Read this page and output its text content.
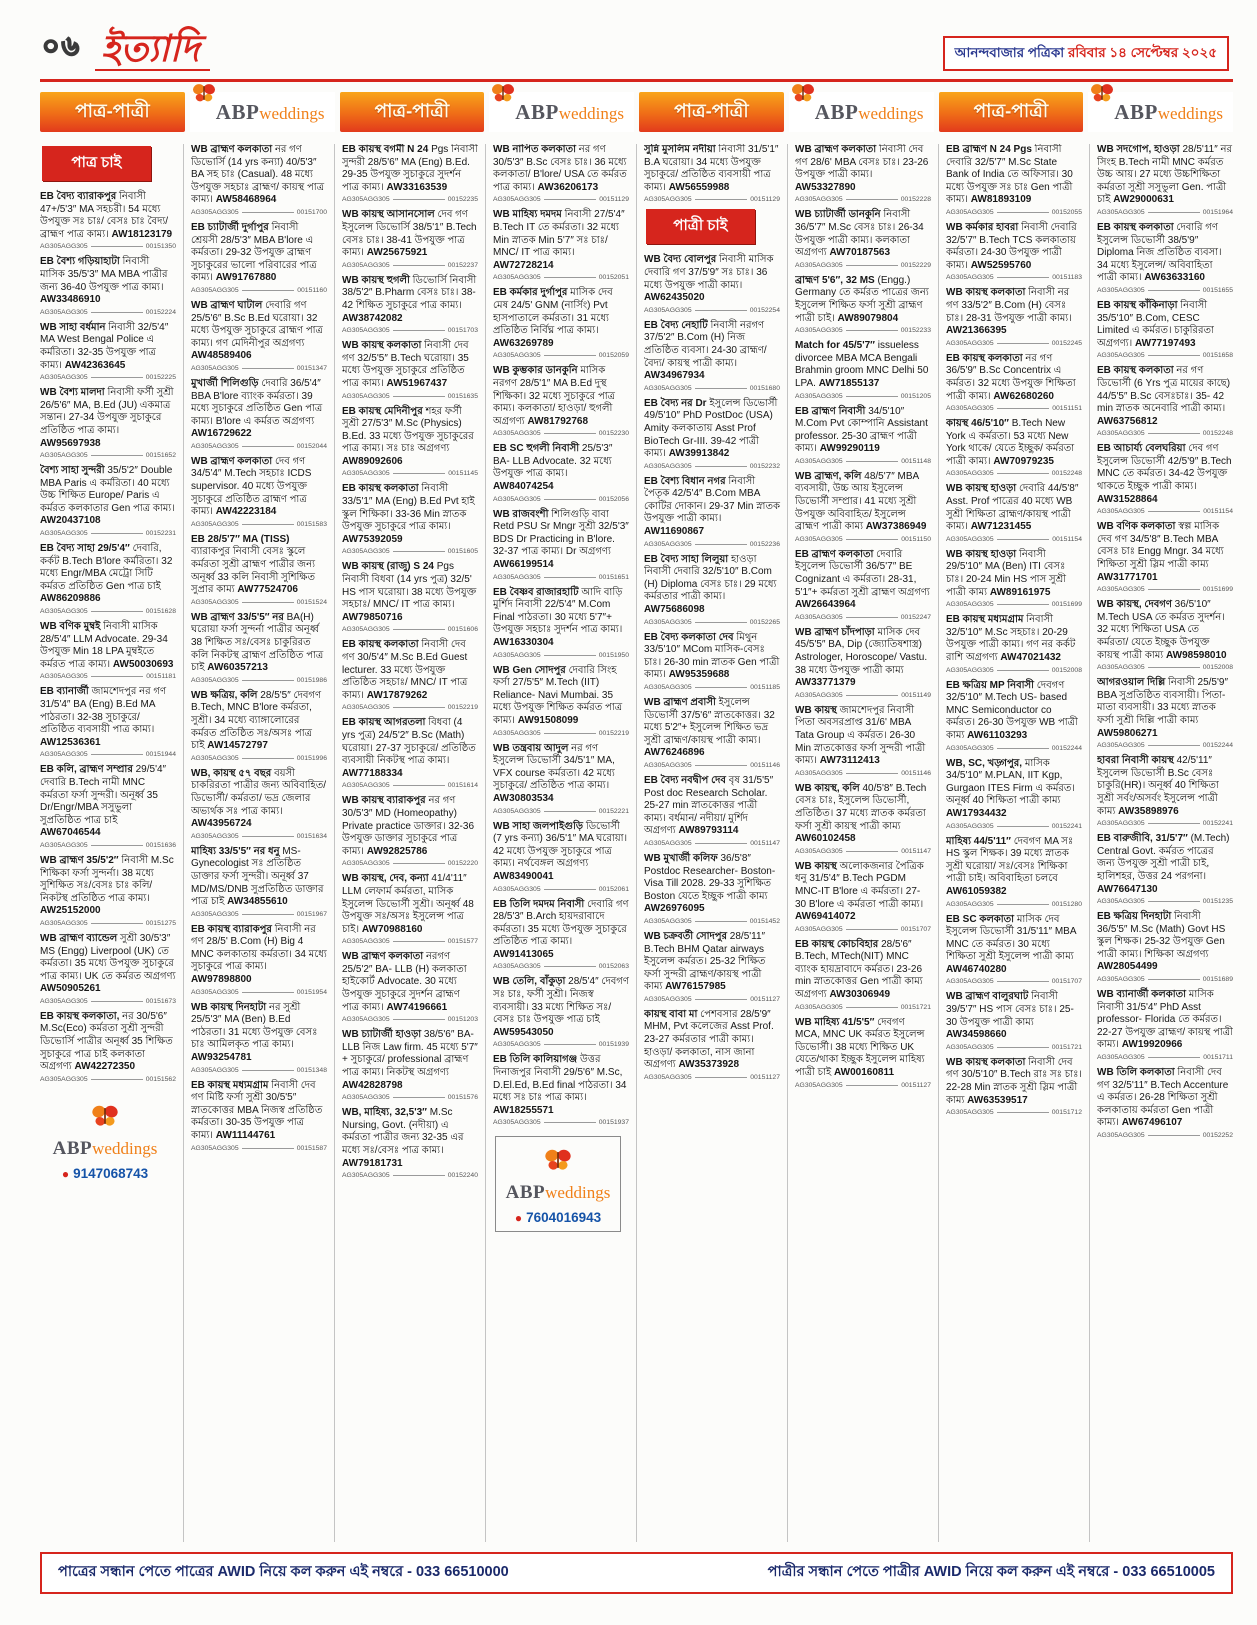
০৬ ইত্যাদি	আনন্দবাজার পত্রিকা রবিবার ১৪ সেপ্টেম্বর ২০২৫
পাত্র-পাত্রী	ABPweddings	পাত্র-পাত্রী	ABPweddings	পাত্র-পাত্রী	ABPweddings	পাত্র-পাত্রী	ABPweddings
পাত্র চাই

EB বৈদ্য ব্যারাকপুর নিবাসী 47+/5'3″ MA সহচরী। 54 মধ্যে উপযুক্ত সঃ চাঃ/ বেসঃ চাঃ বৈদ্য/ ব্রাহ্মণ পাত্র কাম্য। AW18123179

AG305AGG305	00151350

EB বৈশ্য গড়িয়াহাটা নিবাসী মাসিক 35/5'3″ MA MBA পাত্রীর জন্য 36-40 উপযুক্ত পাত্র কাম্য। AW33486910

AG305AGG305	00152224

WB সাহা বর্ধমান নিবাসী 32/5'4″ MA West Bengal Police এ কর্মরিতা। 32-35 উপযুক্ত পাত্র কাম্য। AW42363645

AG305AGG305	00152225

WB বৈশ্য মালদা নিবাসী ফর্সী সুশ্রী 26/5'6″ MA, B.Ed (JU) একমাত্র সন্তান। 27-34 উপযুক্ত সুচাকুরে প্রতিষ্ঠিত পাত্র কাম্য। AW95697938

AG305AGG305	00151652

বৈশ্য সাহা সুন্দরী 35/5'2″ Double MBA Paris এ কর্মরিতা। 40 মধ্যে উচ্চ শিক্ষিত Europe/ Paris এ কর্মরত কলকাতার Gen পাত্র কাম্য। AW20437108

AG305AGG305	00152231

EB বৈদ্য সাহা 29/5'4″ দেবারি, কর্কট B.Tech B'lore কর্মরিতা। 32 মধ্যে Engr/MBA মেট্রো সিটি কর্মরত প্রতিষ্ঠিত Gen পাত্র চাই AW86209886

AG305AGG305	00151628

WB বণিক মুম্বই নিবাসী মাসিক 28/5'4″ LLM Advocate. 29-34 উপযুক্ত Min 18 LPA মুম্বইতে কর্মরত পাত্র কাম্য। AW50030693

AG305AGG305	00151181

EB ব্যানার্জী জামশেদপুর নর গণ 31/5'4″ BA (Eng) B.Ed MA পাঠরতা। 32-38 সুচাকুরে/ প্রতিষ্ঠিত ব্যবসায়ী পাত্র কাম্য। AW12536361

AG305AGG305	00151944

EB কলি, ব্রাহ্মণ সম্প্রার 29/5'4″ দেবারি B.Tech নামী MNC কর্মরতা ফর্সা সুন্দরী। অনূর্ধ্ব 35 Dr/Engr/MBA সসুভুলা সুপ্রতিষ্ঠিত পাত্র চাই AW67046544

AG305AGG305	00151636

WB ব্রাহ্মণ 35/5'2″ নিবাসী M.Sc শিক্ষিকা ফর্সা সুন্দর্না। 38 মধ্যে সুশিক্ষিত সঃ/বেসঃ চাঃ কলি/নিকটস্থ প্রতিষ্ঠিত পাত্র কাম্য। AW25152000

AG305AGG305	00151275

WB ব্রাহ্মণ ব্যান্ডেল সুশ্রী 30/5'3″ MS (Engg) Liverpool (UK) তে কর্মরতা। 35 মধ্যে উপযুক্ত সুচাকুরে পাত্র কাম্য। UK তে কর্মরত অগ্রগণ্য AW50905261

AG305AGG305	00151673

EB কায়স্থ কলকাতা, নর 30/5'6″ M.Sc(Eco) কর্মরতা সুশ্রী সুন্দরী ডিভোর্সি পাত্রীর অনূর্ধ্ব 35 শিক্ষিত সুচাকুরে পাত্র চাই কলকাতা অগ্রগণ্য AW42272350

AG305AGG305	00151562
ABPweddings
● 9147068743

WB ব্রাহ্মণ কলকাতা নর গণ ডিভোর্সি (14 yrs কন্যা) 40/5'3″ BA সহ চাঃ (Casual). 48 মধ্যে উপযুক্ত সহচাঃ ব্রাহ্মণ/ কায়স্থ পাত্র কাম্য। AW58468964

AG305AGG305	00151700

EB চ্যাটার্জী দুর্গাপুর নিবাসী শ্রেয়সী 28/5'3″ MBA B'lore এ কর্মরতা। 29-32 উপযুক্ত ব্রাহ্মণ সুচাকুরের ভালো পরিবারের পাত্র কাম্য। AW91767880

AG305AGG305	00151160

WB ব্রাহ্মণ ঘাটাল দেবারি গণ 25/5'6″ B.Sc B.Ed ঘরোয়া। 32 মধ্যে উপযুক্ত সুচাকুরে ব্রাহ্মণ পাত্র কাম্য। গণ মেদিনীপুর অগ্রগণ্য AW48589406

AG305AGG305	00151347

মুখার্জী শিলিগুড়ি দেবারি 36/5'4″ BBA B'lore ব্যাংক কর্মরতা। 39 মধ্যে সুচাকুরে প্রতিষ্ঠিত Gen পাত্র কাম্য। B'lore এ কর্মরত অগ্রগণ্য AW16729622

AG305AGG305	00152044

WB ব্রাহ্মণ কলকাতা দেব গণ 34/5'4″ M.Tech সহচাঃ ICDS supervisor. 40 মধ্যে উপযুক্ত সুচাকুরে প্রতিষ্ঠিত ব্রাহ্মণ পাত্র কাম্য। AW42223184

AG305AGG305	00151583

EB 28/5'7″ MA (TISS) ব্যারাকপুর নিবাসী বেসঃ স্কুলে কর্মরতা সুশ্রী ব্রাহ্মণ পাত্রীর জন্য অনূর্ধ্ব 33 কলি নিবাসী সুশিক্ষিত সুপ্রার কাম্য AW77524706

AG305AGG305	00151524

WB ব্রাহ্মণ 33/5'5″ নর BA(H) ঘরোয়া ফর্সা সুন্দর্না পাত্রীর অনূর্ধ্ব 38 শিক্ষিত সঃ/বেসঃ চাকুরিরত কলি নিকটস্থ ব্রাহ্মণ প্রতিষ্ঠিত পাত্র চাই AW60357213

AG305AGG305	00151986

WB ক্ষত্রিয়, কলি 28/5'5″ দেবগণ B.Tech, MNC B'lore কর্মরতা, সুশ্রী। 34 মধ্যে ব্যাঙ্গালোরের কর্মরত প্রতিষ্ঠিত সঃ/অসঃ পাত্র চাই AW14572797

AG305AGG305	00151996

WB, কায়স্থ ৫৭ বছর বয়সী চাকরিরতা পাত্রীর জন্য অবিবাহিত/ ডিভোর্সী/ কর্মরতা/ ভদ্র জেলার অভ্যর্থক সঃ পাত্র কাম্য। AW43956724

AG305AGG305	00151634

মাহিষ্য 33/5'5″ নর ধনু MS-Gynecologist সঃ প্রতিষ্ঠিত ডাক্তার ফর্সা সুন্দরী। অনূর্ধ্ব 37 MD/MS/DNB সুপ্রতিষ্ঠিত ডাক্তার পাত্র চাই AW34855610

AG305AGG305	00151967

EB কায়স্থ ব্যারাকপুর নিবাসী নর গণ 28/5' B.Com (H) Big 4 MNC কলকাতায় কর্মরতা। 34 মধ্যে সুচাকুরে পাত্র কাম্য। AW97898800

AG305AGG305	00151954

WB কায়স্থ দিনহাটা নর সুশ্রী 25/5'3″ MA (Ben) B.Ed পাঠরতা। 31 মধ্যে উপযুক্ত বেসঃ চাঃ আমিলকৃত পাত্র কাম্য। AW93254781

AG305AGG305	00151348

EB কায়স্থ মধ্যমগ্রাম নিবাসী দেব গণ মিষ্টি ফর্সা সুশ্রী 30/5'5″ স্নাতকোত্তর MBA নিজস্ব প্রতিষ্ঠিত কর্মরতা। 30-35 উপযুক্ত পাত্র কাম্য। AW11144761

AG305AGG305	00151587

EB কায়স্থ বগর্মী N 24 Pgs নিবাসী সুন্দরী 28/5'6″ MA (Eng) B.Ed. 29-35 উপযুক্ত সুচাকুরে সুদর্শন পাত্র কাম্য। AW33163539

AG305AGG305	00152235

WB কায়স্থ আসানসোল দেব গণ ইসুলেন্স ডিভোর্সি 38/5'1″ B.Tech বেসঃ চাঃ। 38-41 উপযুক্ত পাত্র কাম্য। AW25675921

AG305AGG305	00152237

WB কায়স্থ হুগলী ডিভোর্সি নিবাসী 38/5'2″ B.Pharm বেসঃ চাঃ। 38-42 শিক্ষিত সুচাকুরে পাত্র কাম্য। AW38742082

AG305AGG305	00151703

WB কায়স্থ কলকাতা নিবাসী দেব গণ 32/5'5″ B.Tech ঘরোয়া। 35 মধ্যে উপযুক্ত সুচাকুরে প্রতিষ্ঠিত পাত্র কাম্য। AW51967437

AG305AGG305	00151635

EB কায়স্থ মেদিনীপুর শহর ফর্সী সুশ্রী 27/5'3″ M.Sc (Physics) B.Ed. 33 মধ্যে উপযুক্ত সুচাকুরের পাত্র কাম্য। সঃ চাঃ অগ্রগণ্য AW89092606

AG305AGG305	00151145

EB কায়স্থ কলকাতা নিবাসী 33/5'1″ MA (Eng) B.Ed Pvt হাই স্কুল শিক্ষিকা। 33-36 Min স্নাতক উপযুক্ত সুচাকুরে পাত্র কাম্য। AW75392059

AG305AGG305	00151605

WB কায়স্থ (রাজু) S 24 Pgs নিবাসী বিধবা (14 yrs পুত্র) 32/5' HS পাস ঘরোয়া। 38 মধ্যে উপযুক্ত সহচাঃ/ MNC/ IT পাত্র কাম্য। AW79850716

AG305AGG305	00151606

EB কায়স্থ কলকাতা নিবাসী দেব গণ 30/5'4″ M.Sc B.Ed Guest lecturer. 33 মধ্যে উপযুক্ত প্রতিষ্ঠিত সহচাঃ/ MNC/ IT পাত্র কাম্য। AW17879262

AG305AGG305	00152219

EB কায়স্থ আগরতলা বিধবা (4 yrs পুত্র) 24/5'2″ B.Sc (Math) ঘরোয়া। 27-37 সুচাকুরে/ প্রতিষ্ঠিত ব্যবসায়ী নিকটস্থ পাত্র কাম্য। AW77188334

AG305AGG305	00151614

WB কায়স্থ ব্যারাকপুর নর গণ 30/5'3″ MD (Homeopathy) Private practice ডাক্তার। 32-36 উপযুক্ত ডাক্তার সুচাকুরে পাত্র কাম্য। AW92825786

AG305AGG305	00152220

WB কায়স্থ, দেব, কন্যা 41/4'11″ LLM লেফার্ম কর্মরতা, মাসিক ইসুলেন্স ডিভোর্সী সুশ্রী। অনূর্ধ্ব 48 উপযুক্ত সঃ/অসঃ ইসুলেন্স পাত্র চাই। AW70988160

AG305AGG305	00151577

WB ব্রাহ্মণ কলকাতা নরগণ 25/5'2″ BA- LLB (H) কলকাতা হাইকোর্ট Advocate. 30 মধ্যে উপযুক্ত সুচাকুরে সুদর্শন ব্রাহ্মণ পাত্র কাম্য। AW74196661

AG305AGG305	00151203

WB চ্যাটার্জী হাওড়া 38/5'6″ BA- LLB নিজ Law firm. 45 মধ্যে 5'7″+ সুচাকুরে/ professional ব্রাহ্মণ পাত্র কাম্য। নিকটস্থ অগ্রগণ্য AW42828798

AG305AGG305	00151576

WB, মাহিষ্য, 32,5'3″ M.Sc Nursing, Govt. (নদীয়া) এ কর্মরতা পাত্রীর জন্য 32-35 এর মধ্যে সঃ/বেসঃ পাত্র কাম্য। AW79181731

AG305AGG305	00152240

WB নাপিত কলকাতা নর গণ 30/5'3″ B.Sc বেসঃ চাঃ। 36 মধ্যে কলকাতা/ B'lore/ USA তে কর্মরত পাত্র কাম্য। AW36206173

AG305AGG305	00151129

WB মাহিষ্য দমদম নিবাসী 27/5'4″ B.Tech IT তে কর্মরতা। 32 মধ্যে Min স্নাতক Min 5'7″ সঃ চাঃ/ MNC/ IT পাত্র কাম্য। AW72728214

AG305AGG305	00152051

EB কর্মকার দুর্গাপুর মাসিক দেব মেষ 24/5' GNM (নার্সিং) Pvt হাসপাতালে কর্মরতা। 31 মধ্যে প্রতিষ্ঠিত নির্বিঘ্ন পাত্র কাম্য। AW63269789

AG305AGG305	00152059

WB কুম্ভকার ডানকুনি মাসিক নরগণ 28/5'1″ MA B.Ed দুস্থ শিক্ষিকা। 32 মধ্যে সুচাকুরে পাত্র কাম্য। কলকাতা/ হাওড়া/ হুগলী অগ্রগণ্য AW81792768

AG305AGG305	00152230

EB SC হুগলী নিবাসী 25/5'3″ BA- LLB Advocate. 32 মধ্যে উপযুক্ত পাত্র কাম্য। AW84074254

AG305AGG305	00152056

WB রাজবংশী শিলিগুড়ি বাবা Retd PSU Sr Mngr সুশ্রী 32/5'3″ BDS Dr Practicing in B'lore. 32-37 পাত্র কাম্য। Dr অগ্রগণ্য AW66199514

AG305AGG305	00151651

EB বৈষ্ণব রাজারহাটি আদি বাড়ি মুর্শিদ নিবাসী 22/5'4″ M.Com Final পাঠরতা। 30 মধ্যে 5'7″+ উপযুক্ত সহচাঃ সুদর্শন পাত্র কাম্য। AW16330304

AG305AGG305	00151950

WB Gen সোদপুর দেবারি সিংহ ফর্সা 27/5'5″ M.Tech (IIT) Reliance- Navi Mumbai. 35 মধ্যে উপযুক্ত শিক্ষিত কর্মরত পাত্র কাম্য। AW91508099

AG305AGG305	00152219

WB তন্ত্রবায় আদুল নর গণ ইসুলেন্স ডিভোর্সী 34/5'1″ MA, VFX course কর্মরতা। 42 মধ্যে সুচাকুরে/ প্রতিষ্ঠিত পাত্র কাম্য। AW30803534

AG305AGG305	00152221

WB সাহা জলপাইগুড়ি ডিভোর্সী (7 yrs কন্যা) 36/5'1″ MA ঘরোয়া। 42 মধ্যে উপযুক্ত সুচাকুরে পাত্র কাম্য। নর্থবেঙ্গল অগ্রগণ্য AW83490041

AG305AGG305	00152061

EB তিলি দমদম নিবাসী দেবারি গণ 28/5'3″ B.Arch হায়দরাবাদে কর্মরতা। 35 মধ্যে উপযুক্ত সুচাকুরে প্রতিষ্ঠিত পাত্র কাম্য। AW91413065

AG305AGG305	00152063

WB তেলি, বাঁকুড়া 28/5'4″ দেবগণ সঃ চাঃ, ফর্সী সুশ্রী। নিজস্ব ব্যবসায়ী। 33 মধ্যে শিক্ষিত সঃ/বেসঃ চাঃ উপযুক্ত পাত্র চাই AW59543050

AG305AGG305	00151939

EB তিলি কালিয়াগঞ্জ উত্তর দিনাজপুর নিবাসী 29/5'6″ M.Sc, D.El.Ed, B.Ed final পাঠরতা। 34 মধ্যে সঃ চাঃ পাত্র কাম্য। AW18255571

AG305AGG305	00151937
ABPweddings
● 7604016943

সুন্নি মুসলিম নদীয়া নিবাসী 31/5'1″ B.A ঘরোয়া। 34 মধ্যে উপযুক্ত সুচাকুরে/ প্রতিষ্ঠিত ব্যবসায়ী পাত্র কাম্য। AW56559988

AG305AGG305	00151129
পাত্রী চাই

WB বৈদ্য বোলপুর নিবাসী মাসিক দেবারি গণ 37/5'9″ সঃ চাঃ। 36 মধ্যে উপযুক্ত পাত্রী কাম্য। AW62435020

AG305AGG305	00152254

EB বৈদ্য নেহাটি নিবাসী নরগণ 37/5'2″ B.Com (H) নিজ প্রতিষ্ঠিত ব্যবসা। 24-30 ব্রাহ্মণ/ বৈদ্য/ কায়স্থ পাত্রী কাম্য। AW34967934

AG305AGG305	00151680

EB বৈদ্য নর Dr ইসুলেন্স ডিভোর্সী 49/5'10″ PhD PostDoc (USA) Amity কলকাতায় Asst Prof BioTech Gr-III. 39-42 পাত্রী কাম্য। AW39913842

AG305AGG305	00152232

EB বৈশ্য বিধান নগর নিবাসী পৈতৃক 42/5'4″ B.Com MBA কোটির দোকান। 29-37 Min স্নাতক উপযুক্ত পাত্রী কাম্য। AW11690867

AG305AGG305	00152236

EB বৈদ্য সাহা লিলুয়া হাওড়া নিবাসী দেবারি 32/5'10″ B.Com (H) Diploma বেসঃ চাঃ। 29 মধ্যে কর্মরতার পাত্রী কাম্য। AW75686098

AG305AGG305	00152265

EB বৈদ্য কলকাতা দেব মিথুন 33/5'10″ MCom মাসিক-বেসঃ চাঃ। 26-30 min স্নাতক Gen পাত্রী কাম্য। AW95359688

AG305AGG305	00151185

WB ব্রাহ্মণ প্রবাসী ইসুলেন্স ডিভোর্সী 37/5'6″ স্নাতকোত্তর। 32 মধ্যে 5'2″+ ইসুলেন্স শিক্ষিত ভদ্র সুশ্রী ব্রাহ্মণ/কায়স্থ পাত্রী কাম্য। AW76246896

AG305AGG305	00151146

EB বৈদ্য নবদ্বীপ দেব বৃষ 31/5'5″ Post doc Research Scholar. 25-27 min স্নাতকোত্তর পাত্রী কাম্য। বর্ধমান/ নদীয়া/ মুর্শিদ অগ্রগণ্য AW89793114

AG305AGG305	00151147

WB মুখার্জী কলিফ 36/5'8″ Postdoc Researcher- Boston- Visa Till 2028. 29-33 সুশিক্ষিত Boston যেতে ইচ্ছুক পাত্রী কাম্য AW26976095

AG305AGG305	00151452

WB চক্রবর্তী সোদপুর 28/5'11″ B.Tech BHM Qatar airways ইসুলেন্স কর্মরত। 25-32 শিক্ষিত ফর্সা সুন্দরী ব্রাহ্মণ/কায়স্থ পাত্রী কাম্য AW76157985

AG305AGG305	00151127

কায়স্থ বাবা মা পেশবসার 28/5'9″ MHM, Pvt কলেজের Asst Prof. 23-27 কর্মরতার পাত্রী কাম্য। হাওড়া/ কলকাতা, নাস জানা অগ্রগণ্য AW35373928

AG305AGG305	00151127

WB ব্রাহ্মণ কলকাতা নিবাসী দেব গণ 28/6' MBA বেসঃ চাঃ। 23-26 উপযুক্ত পাত্রী কাম্য। AW53327890

AG305AGG305	00152228

WB চ্যাটার্জী ডানকুনি নিবাসী 36/5'7″ M.Sc বেসঃ চাঃ। 26-34 উপযুক্ত পাত্রী কাম্য। কলকাতা অগ্রগণ্য AW70187563

AG305AGG305	00152229

ব্রাহ্মণ 5'6″, 32 MS (Engg.) Germany তে কর্মরত পাত্রের জন্য ইসুলেন্স শিক্ষিত ফর্সা সুশ্রী ব্রাহ্মণ পাত্রী চাই। AW89079804

AG305AGG305	00152233

Match for 45/5'7″ issueless divorcee MBA MCA Bengali Brahmin groom MNC Delhi 50 LPA. AW71855137

AG305AGG305	00151205

EB ব্রাহ্মণ নিবাসী 34/5'10″ M.Com Pvt কোম্পানি Assistant professor. 25-30 ব্রাহ্মণ পাত্রী কাম্য। AW99290119

AG305AGG305	00151148

WB ব্রাহ্মণ, কলি 48/5'7″ MBA ব্যবসায়ী, উচ্চ আয় ইসুলেন্স ডিভোর্সী সম্প্রার। 41 মধ্যে সুশ্রী উপযুক্ত অবিবাহিত/ ইসুলেন্স ব্রাহ্মণ পাত্রী কাম্য AW37386949

AG305AGG305	00151150

EB ব্রাহ্মণ কলকাতা দেবারি ইসুলেন্স ডিভোর্সী 36/5'7″ BE Cognizant এ কর্মরতা। 28-31, 5'1″+ কর্মরতা সুশ্রী ব্রাহ্মণ অগ্রগণ্য AW26643964

AG305AGG305	00152247

WB ব্রাহ্মণ চাঁদপাড়া মাসিক দেব 45/5'5″ BA, Dip (জ্যোতিষশাস্ত্র) Astrologer, Horoscope/ Vastu. 38 মধ্যে উপযুক্ত পাত্রী কাম্য AW33771379

AG305AGG305	00151149

WB কায়স্থ জামশেদপুর নিবাসী পিতা অবসরপ্রাপ্ত 31/6' MBA Tata Group এ কর্মরত। 26-30 Min স্নাতকোত্তর ফর্সা সুন্দরী পাত্রী কাম্য। AW73112413

AG305AGG305	00151146

WB কায়স্থ, কলি 40/5'8″ B.Tech বেসঃ চাঃ, ইসুলেন্স ডিভোর্সী, প্রতিষ্ঠিত। 37 মধ্যে স্নাতক কর্মরতা ফর্সা সুশ্রী কায়স্থ পাত্রী কাম্য AW60102458

AG305AGG305	00151147

WB কায়স্থ অলোকজনার পৈত্রিক ধনু 31/5'4″ B.Tech PGDM MNC-IT B'lore এ কর্মরতা। 27- 30 B'lore এ কর্মরতা পাত্রী কাম্য। AW69414072

AG305AGG305	00151707

EB কায়স্থ কোচবিহার 28/5'6″ B.Tech, MTech(NIT) MNC ব্যাংক হায়দ্রাবাদে কর্মরত। 23-26 min স্নাতকোত্তর Gen পাত্রী কাম্য অগ্রগণ্য AW30306949

AG305AGG305	00151721

WB মাহিষ্য 41/5'5″ দেবগণ MCA, MNC UK কর্মরত ইসুলেন্স ডিভোর্সী। 38 মধ্যে শিক্ষিত UK যেতে/থাকা ইচ্ছুক ইসুলেন্স মাহিষ্য পাত্রী চাই AW00160811

AG305AGG305	00151127

EB ব্রাহ্মণ N 24 Pgs নিবাসী দেবারি 32/5'7″ M.Sc State Bank of India তে অফিসার। 30 মধ্যে উপযুক্ত সঃ চাঃ Gen পাত্রী কাম্য। AW81893109

AG305AGG305	00152055

WB কর্মকার হাবরা নিবাসী দেবারি 32/5'7″ B.Tech TCS কলকাতায় কর্মরতা। 24-30 উপযুক্ত পাত্রী কাম্য। AW52595760

AG305AGG305	00151183

WB কায়স্থ কলকাতা নিবাসী নর গণ 33/5'2″ B.Com (H) বেসঃ চাঃ। 28-31 উপযুক্ত পাত্রী কাম্য। AW21366395

AG305AGG305	00152245

EB কায়স্থ কলকাতা নর গণ 36/5'9″ B.Sc Concentrix এ কর্মরত। 32 মধ্যে উপযুক্ত শিক্ষিতা পাত্রী কাম্য। AW62680260

AG305AGG305	00151151

কায়স্থ 46/5'10″ B.Tech New York এ কর্মরতা। 53 মধ্যে New York থাকে/ যেতে ইচ্ছুক/ কর্মরতা পাত্রী কাম্য। AW70979235

AG305AGG305	00152248

WB কায়স্থ হাওড়া দেবারি 44/5'8″ Asst. Prof পাত্রের 40 মধ্যে WB সুশ্রী শিক্ষিতা ব্রাহ্মণ/কায়স্থ পাত্রী কাম্য। AW71231455

AG305AGG305	00151154

WB কায়স্থ হাওড়া নিবাসী 29/5'10″ MA (Ben) ITI বেসঃ চাঃ। 20-24 Min HS পাস সুশ্রী পাত্রী কাম্য AW89161975

AG305AGG305	00151699

EB কায়স্থ মধ্যমগ্রাম নিবাসী 32/5'10″ M.Sc সহচাঃ। 20-29 উপযুক্ত পাত্রী কাম্য। গণ নর কর্কট রাশি অগ্রগণ্য AW47021432

AG305AGG305	00152008

EB ক্ষত্রিয় MP নিবাসী দেবগণ 32/5'10″ M.Tech US- based MNC Semiconductor co কর্মরত। 26-30 উপযুক্ত WB পাত্রী কাম্য AW61103293

AG305AGG305	00152244

WB, SC, খড়্গপুর, মাসিক 34/5'10″ M.PLAN, IIT Kgp, Gurgaon ITES Firm এ কর্মরত। অনূর্ধ্ব 40 শিক্ষিতা পাত্রী কাম্য AW17934432

AG305AGG305	00152241

মাহিষ্য 44/5'11″ দেবগণ MA সঃ HS স্কুল শিক্ষক। 39 মধ্যে স্নাতক সুশ্রী ঘরোয়া/ সঃ/বেসঃ শিক্ষিকা পাত্রী চাই। অবিবাহিতা চলবে AW61059382

AG305AGG305	00151280

EB SC কলকাতা মাসিক দেব ইসুলেন্স ডিভোর্সী 31/5'11″ MBA MNC তে কর্মরত। 30 মধ্যে শিক্ষিতা সুশ্রী ইসুলেন্স পাত্রী কাম্য AW46740280

AG305AGG305	00151707

WB ব্রাহ্মণ বালুরঘাট নিবাসী 39/5'7″ HS পাস বেসঃ চাঃ। 25-30 উপযুক্ত পাত্রী কাম্য AW34598660

AG305AGG305	00151721

WB কায়স্থ কলকাতা নিবাসী দেব গণ 30/5'10″ B.Tech রাঃ সঃ চাঃ। 22-28 Min স্নাতক সুশ্রী স্লিম পাত্রী কাম্য AW63539517

AG305AGG305	00151712

WB সদগোপ, হাওড়া 28/5'11″ নর সিংহ B.Tech নামী MNC কর্মরত উচ্চ আয়। 27 মধ্যে উচ্চশিক্ষিতা কর্মরতা সুশ্রী সসুভুলা Gen. পাত্রী চাই AW29000631

AG305AGG305	00151964

EB কায়স্থ কলকাতা দেবারি গণ ইসুলেন্স ডিভোর্সী 38/5'9″ Diploma নিজ প্রতিষ্ঠিত ব্যবসা। 34 মধ্যে ইসুলেন্স/ অবিবাহিতা পাত্রী কাম্য। AW63633160

AG305AGG305	00151655

EB কায়স্থ কাঁকিনাড়া নিবাসী 35/5'10″ B.Com, CESC Limited এ কর্মরত। চাকুরিরতা অগ্রগণ্য। AW77197493

AG305AGG305	00151658

EB কায়স্থ কলকাতা নর গণ ডিভোর্সী (6 Yrs পুত্র মায়ের কাছে) 44/5'5″ B.Sc বেসঃচাঃ। 35- 42 min স্নাতক অনেবারি পাত্রী কাম্য। AW63756812

AG305AGG305	00152248

EB আচার্য্য বেলঘরিয়া দেব গণ ইসুলেন্স ডিভোর্সী 42/5'9″ B.Tech MNC তে কর্মরত। 34-42 উপযুক্ত থাকতে ইচ্ছুক পাত্রী কাম্য। AW31528864

AG305AGG305	00151154

WB বণিক কলকাতা স্বল্প মাসিক দেব গণ 34/5'8″ B.Tech MBA বেসঃ চাঃ Engg Mngr. 34 মধ্যে শিক্ষিতা সুশ্রী স্লিম পাত্রী কাম্য AW31771701

AG305AGG305	00151699

WB কায়স্থ, দেবগণ 36/5'10″ M.Tech USA তে কর্মরত সুদর্শন। 32 মধ্যে শিক্ষিতা USA তে কর্মরতা/ যেতে ইচ্ছুক উপযুক্ত কায়স্থ পাত্রী কাম্য AW98598010

AG305AGG305	00152008

আগরওয়াল দিল্লি নিবাসী 25/5'9″ BBA সুপ্রতিষ্ঠিত ব্যবসায়ী। পিতা-মাতা ব্যবসায়ী। 33 মধ্যে স্নাতক ফর্সা সুশ্রী দিল্লি পাত্রী কাম্য AW59806271

AG305AGG305	00152244

হাবরা নিবাসী কায়স্থ 42/5'11″ ইসুলেন্স ডিভোর্সী B.Sc বেসঃ চাকুরি(HR)। অনূর্ধ্ব 40 শিক্ষিতা সুশ্রী সর্বং/অসর্বং ইসুলেন্স পাত্রী কাম্য AW35898976

AG305AGG305	00152241

EB বারুজীবি, 31/5'7″ (M.Tech) Central Govt. কর্মরত পাত্রের জন্য উপযুক্ত সুশ্রী পাত্রী চাই, হালিশহর, উত্তর 24 পরগনা। AW76647130

AG305AGG305	00151235

EB ক্ষত্রিয় দিনহাটা নিবাসী 36/5'5″ M.Sc (Math) Govt HS স্কুল শিক্ষক। 25-32 উপযুক্ত Gen পাত্রী কাম্য। শিক্ষিকা অগ্রগণ্য AW28054499

AG305AGG305	00151689

WB ব্যানার্জী কলকাতা মাসিক নিবাসী 31/5'4″ PhD Asst professor- Florida তে কর্মরত। 22-27 উপযুক্ত ব্রাহ্মণ/ কায়স্থ পাত্রী কাম্য। AW19920966

AG305AGG305	00151711

WB তিলি কলকাতা নিবাসী দেব গণ 32/5'11″ B.Tech Accenture এ কর্মরত। 26-28 শিক্ষিতা সুশ্রী কলকাতায় কর্মরতা Gen পাত্রী কাম্য। AW67496107

AG305AGG305	00152252
পাত্রের সন্ধান পেতে পাত্রের AWID নিয়ে কল করুন এই নম্বরে - 033 66510000	পাত্রীর সন্ধান পেতে পাত্রীর AWID নিয়ে কল করুন এই নম্বরে - 033 66510005
